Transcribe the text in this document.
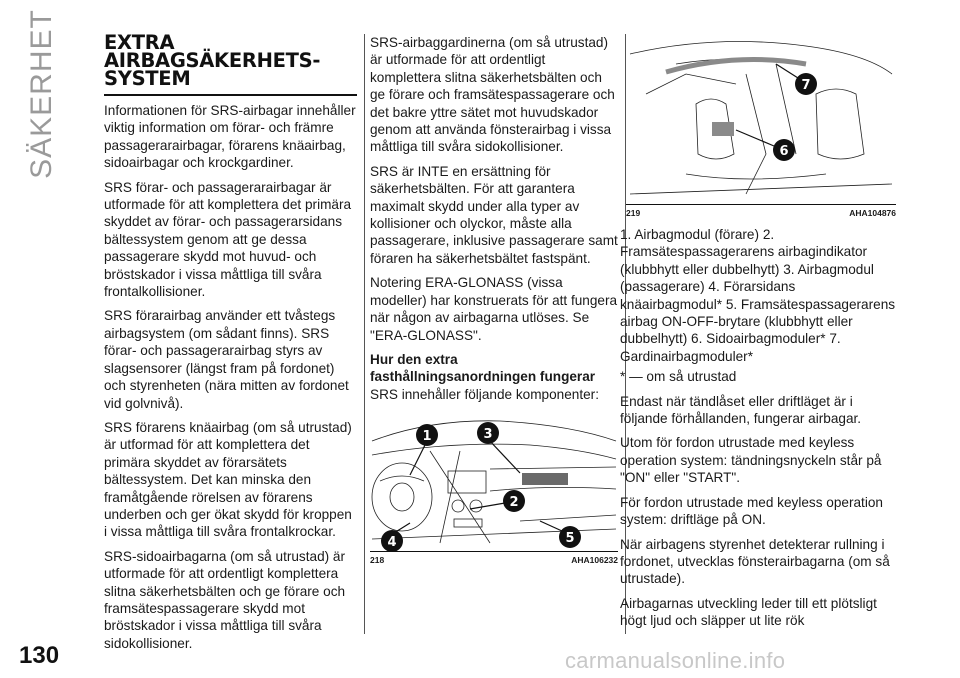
SÄKERHET
130
EXTRA
AIRBAGSÄKERHETS-
SYSTEM

Informationen för SRS-airbagar innehåller viktig information om förar- och främre passagerarairbagar, förarens knäairbag, sidoairbagar och krockgardiner.

SRS förar- och passagerarairbagar är utformade för att komplettera det primära skyddet av förar- och passagerarsidans bältessystem genom att ge dessa passagerare skydd mot huvud- och bröstskador i vissa måttliga till svåra frontalkollisioner.

SRS förarairbag använder ett tvåstegs airbagsystem (om sådant finns). SRS förar- och passagerarairbag styrs av slagsensorer (längst fram på fordonet) och styrenheten (nära mitten av fordonet vid golvnivå).

SRS förarens knäairbag (om så utrustad) är utformad för att komplettera det primära skyddet av förarsätets bältessystem. Det kan minska den framåtgående rörelsen av förarens underben och ger ökat skydd för kroppen i vissa måttliga till svåra frontalkrockar.

SRS-sidoairbagarna (om så utrustad) är utformade för att ordentligt komplettera slitna säkerhetsbälten och ge förare och framsätespassagerare skydd mot bröstskador i vissa måttliga till svåra sidokollisioner.

SRS-airbaggardinerna (om så utrustad) är utformade för att ordentligt komplettera slitna säkerhetsbälten och ge förare och framsätespassagerare och det bakre yttre sätet mot huvudskador genom att använda fönsterairbag i vissa måttliga till svåra sidokollisioner.

SRS är INTE en ersättning för säkerhetsbälten. För att garantera maximalt skydd under alla typer av kollisioner och olyckor, måste alla passagerare, inklusive passagerare samt föraren ha säkerhetsbältet fastspänt.

Notering ERA-GLONASS (vissa modeller) har konstruerats för att fungera när någon av airbagarna utlöses. Se "ERA-GLONASS".

Hur den extra fasthållningsanordningen fungerar

SRS innehåller följande komponenter:

1	3
2
4	5
218	AHA106232
7
6
219	AHA104876

1. Airbagmodul (förare) 2. Framsätespassagerarens airbagindikator (klubbhytt eller dubbelhytt) 3. Airbagmodul (passagerare) 4. Förarsidans knäairbagmodul* 5. Framsätespassagerarens airbag ON-OFF-brytare (klubbhytt eller dubbelhytt) 6. Sidoairbagmoduler* 7. Gardinairbagmoduler*

* — om så utrustad

Endast när tändlåset eller driftläget är i följande förhållanden, fungerar airbagar.

Utom för fordon utrustade med keyless operation system: tändningsnyckeln står på "ON" eller "START".

För fordon utrustade med keyless operation system: driftläge på ON.

När airbagens styrenhet detekterar rullning i fordonet, utvecklas fönsterairbagarna (om så utrustade).

Airbagarnas utveckling leder till ett plötsligt högt ljud och släpper ut lite rök

carmanualsonline.info
